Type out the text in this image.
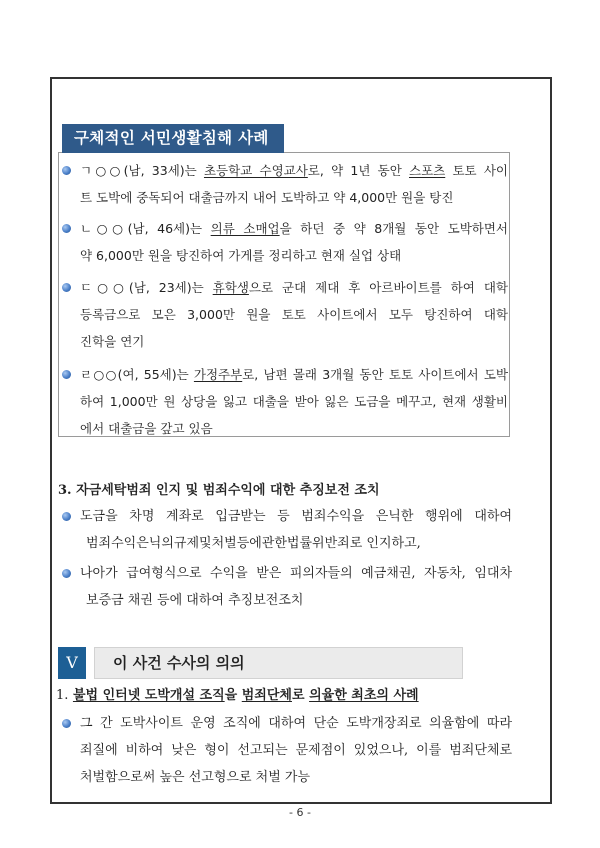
구체적인 서민생활침해 사례
ㄱ○○(남, 33세)는 초등학교 수영교사로, 약 1년 동안 스포츠 토토 사이
트 도박에 중독되어 대출금까지 내어 도박하고 약 4,000만 원을 탕진
ㄴ○○(남, 46세)는 의류 소매업을 하던 중 약 8개월 동안 도박하면서
약 6,000만 원을 탕진하여 가게를 정리하고 현재 실업 상태
ㄷ○○(남, 23세)는 휴학생으로 군대 제대 후 아르바이트를 하여 대학
등록금으로 모은 3,000만 원을 토토 사이트에서 모두 탕진하여 대학
진학을 연기
ㄹ○○(여, 55세)는 가정주부로, 남편 몰래 3개월 동안 토토 사이트에서 도박
하여 1,000만 원 상당을 잃고 대출을 받아 잃은 도금을 메꾸고, 현재 생활비
에서 대출금을 갚고 있음
3. 자금세탁범죄 인지 및 범죄수익에 대한 추징보전 조치
도금을 차명 계좌로 입금받는 등 범죄수익을 은닉한 행위에 대하여
범죄수익은닉의규제및처벌등에관한법률위반죄로 인지하고,
나아가 급여형식으로 수익을 받은 피의자들의 예금채권, 자동차, 임대차
보증금 채권 등에 대하여 추징보전조치
V	이 사건 수사의 의의
1. 불법 인터넷 도박개설 조직을 범죄단체로 의율한 최초의 사례
그 간 도박사이트 운영 조직에 대하여 단순 도박개장죄로 의율함에 따라
죄질에 비하여 낮은 형이 선고되는 문제점이 있었으나, 이를 범죄단체로
처벌함으로써 높은 선고형으로 처벌 가능
- 6 -
